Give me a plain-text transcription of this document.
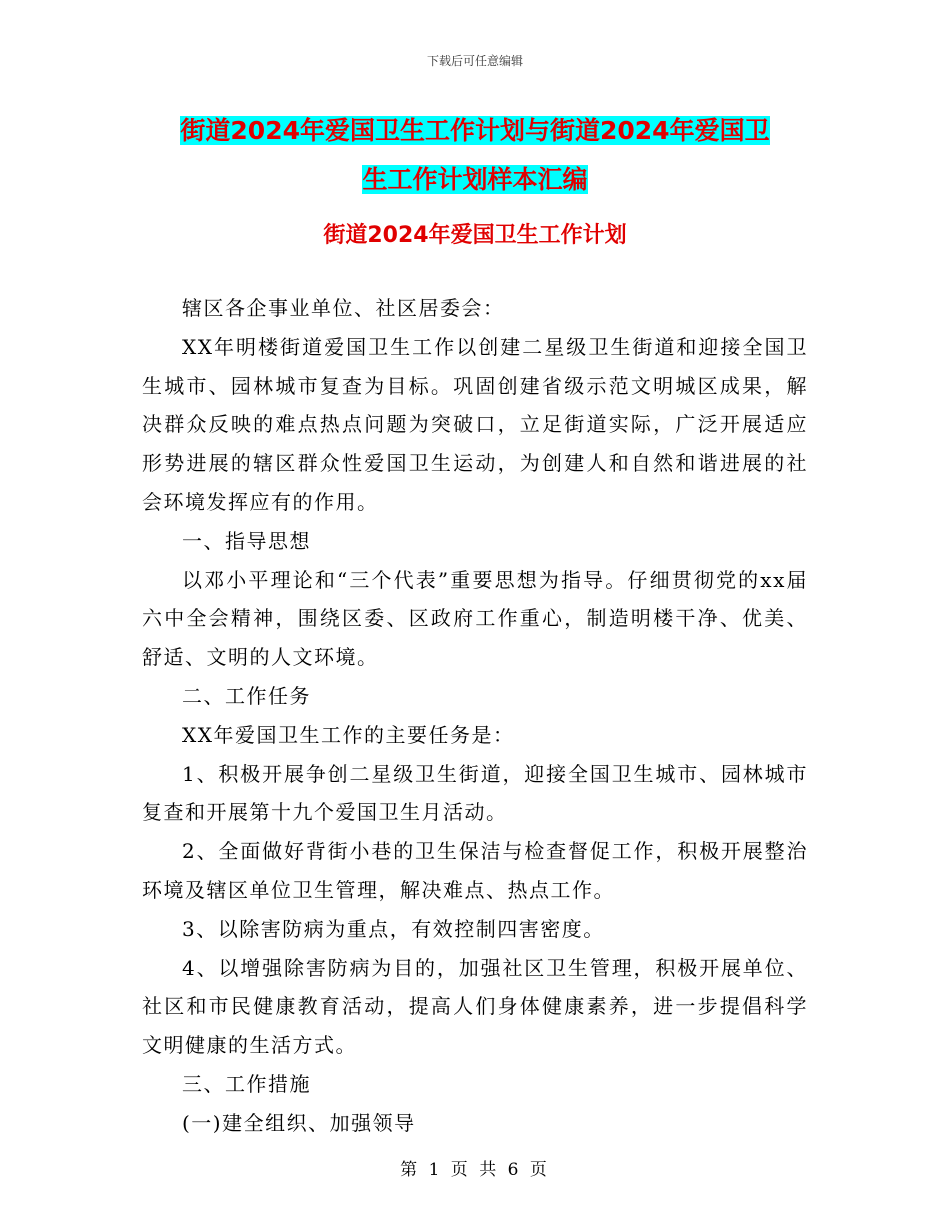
下载后可任意编辑
街道2024年爱国卫生工作计划与街道2024年爱国卫
生工作计划样本汇编
街道2024年爱国卫生工作计划

辖区各企事业单位、社区居委会：

XX年明楼街道爱国卫生工作以创建二星级卫生街道和迎接全国卫生城市、园林城市复查为目标。巩固创建省级示范文明城区成果，解决群众反映的难点热点问题为突破口，立足街道实际，广泛开展适应形势进展的辖区群众性爱国卫生运动，为创建人和自然和谐进展的社会环境发挥应有的作用。

一、指导思想

以邓小平理论和“三个代表”重要思想为指导。仔细贯彻党的xx届六中全会精神，围绕区委、区政府工作重心，制造明楼干净、优美、舒适、文明的人文环境。

二、工作任务

XX年爱国卫生工作的主要任务是：

1、积极开展争创二星级卫生街道，迎接全国卫生城市、园林城市复查和开展第十九个爱国卫生月活动。

2、全面做好背街小巷的卫生保洁与检查督促工作，积极开展整治环境及辖区单位卫生管理，解决难点、热点工作。

3、以除害防病为重点，有效控制四害密度。

4、以增强除害防病为目的，加强社区卫生管理，积极开展单位、社区和市民健康教育活动，提高人们身体健康素养，进一步提倡科学文明健康的生活方式。

三、工作措施

(一)建全组织、加强领导

第 1 页 共 6 页
